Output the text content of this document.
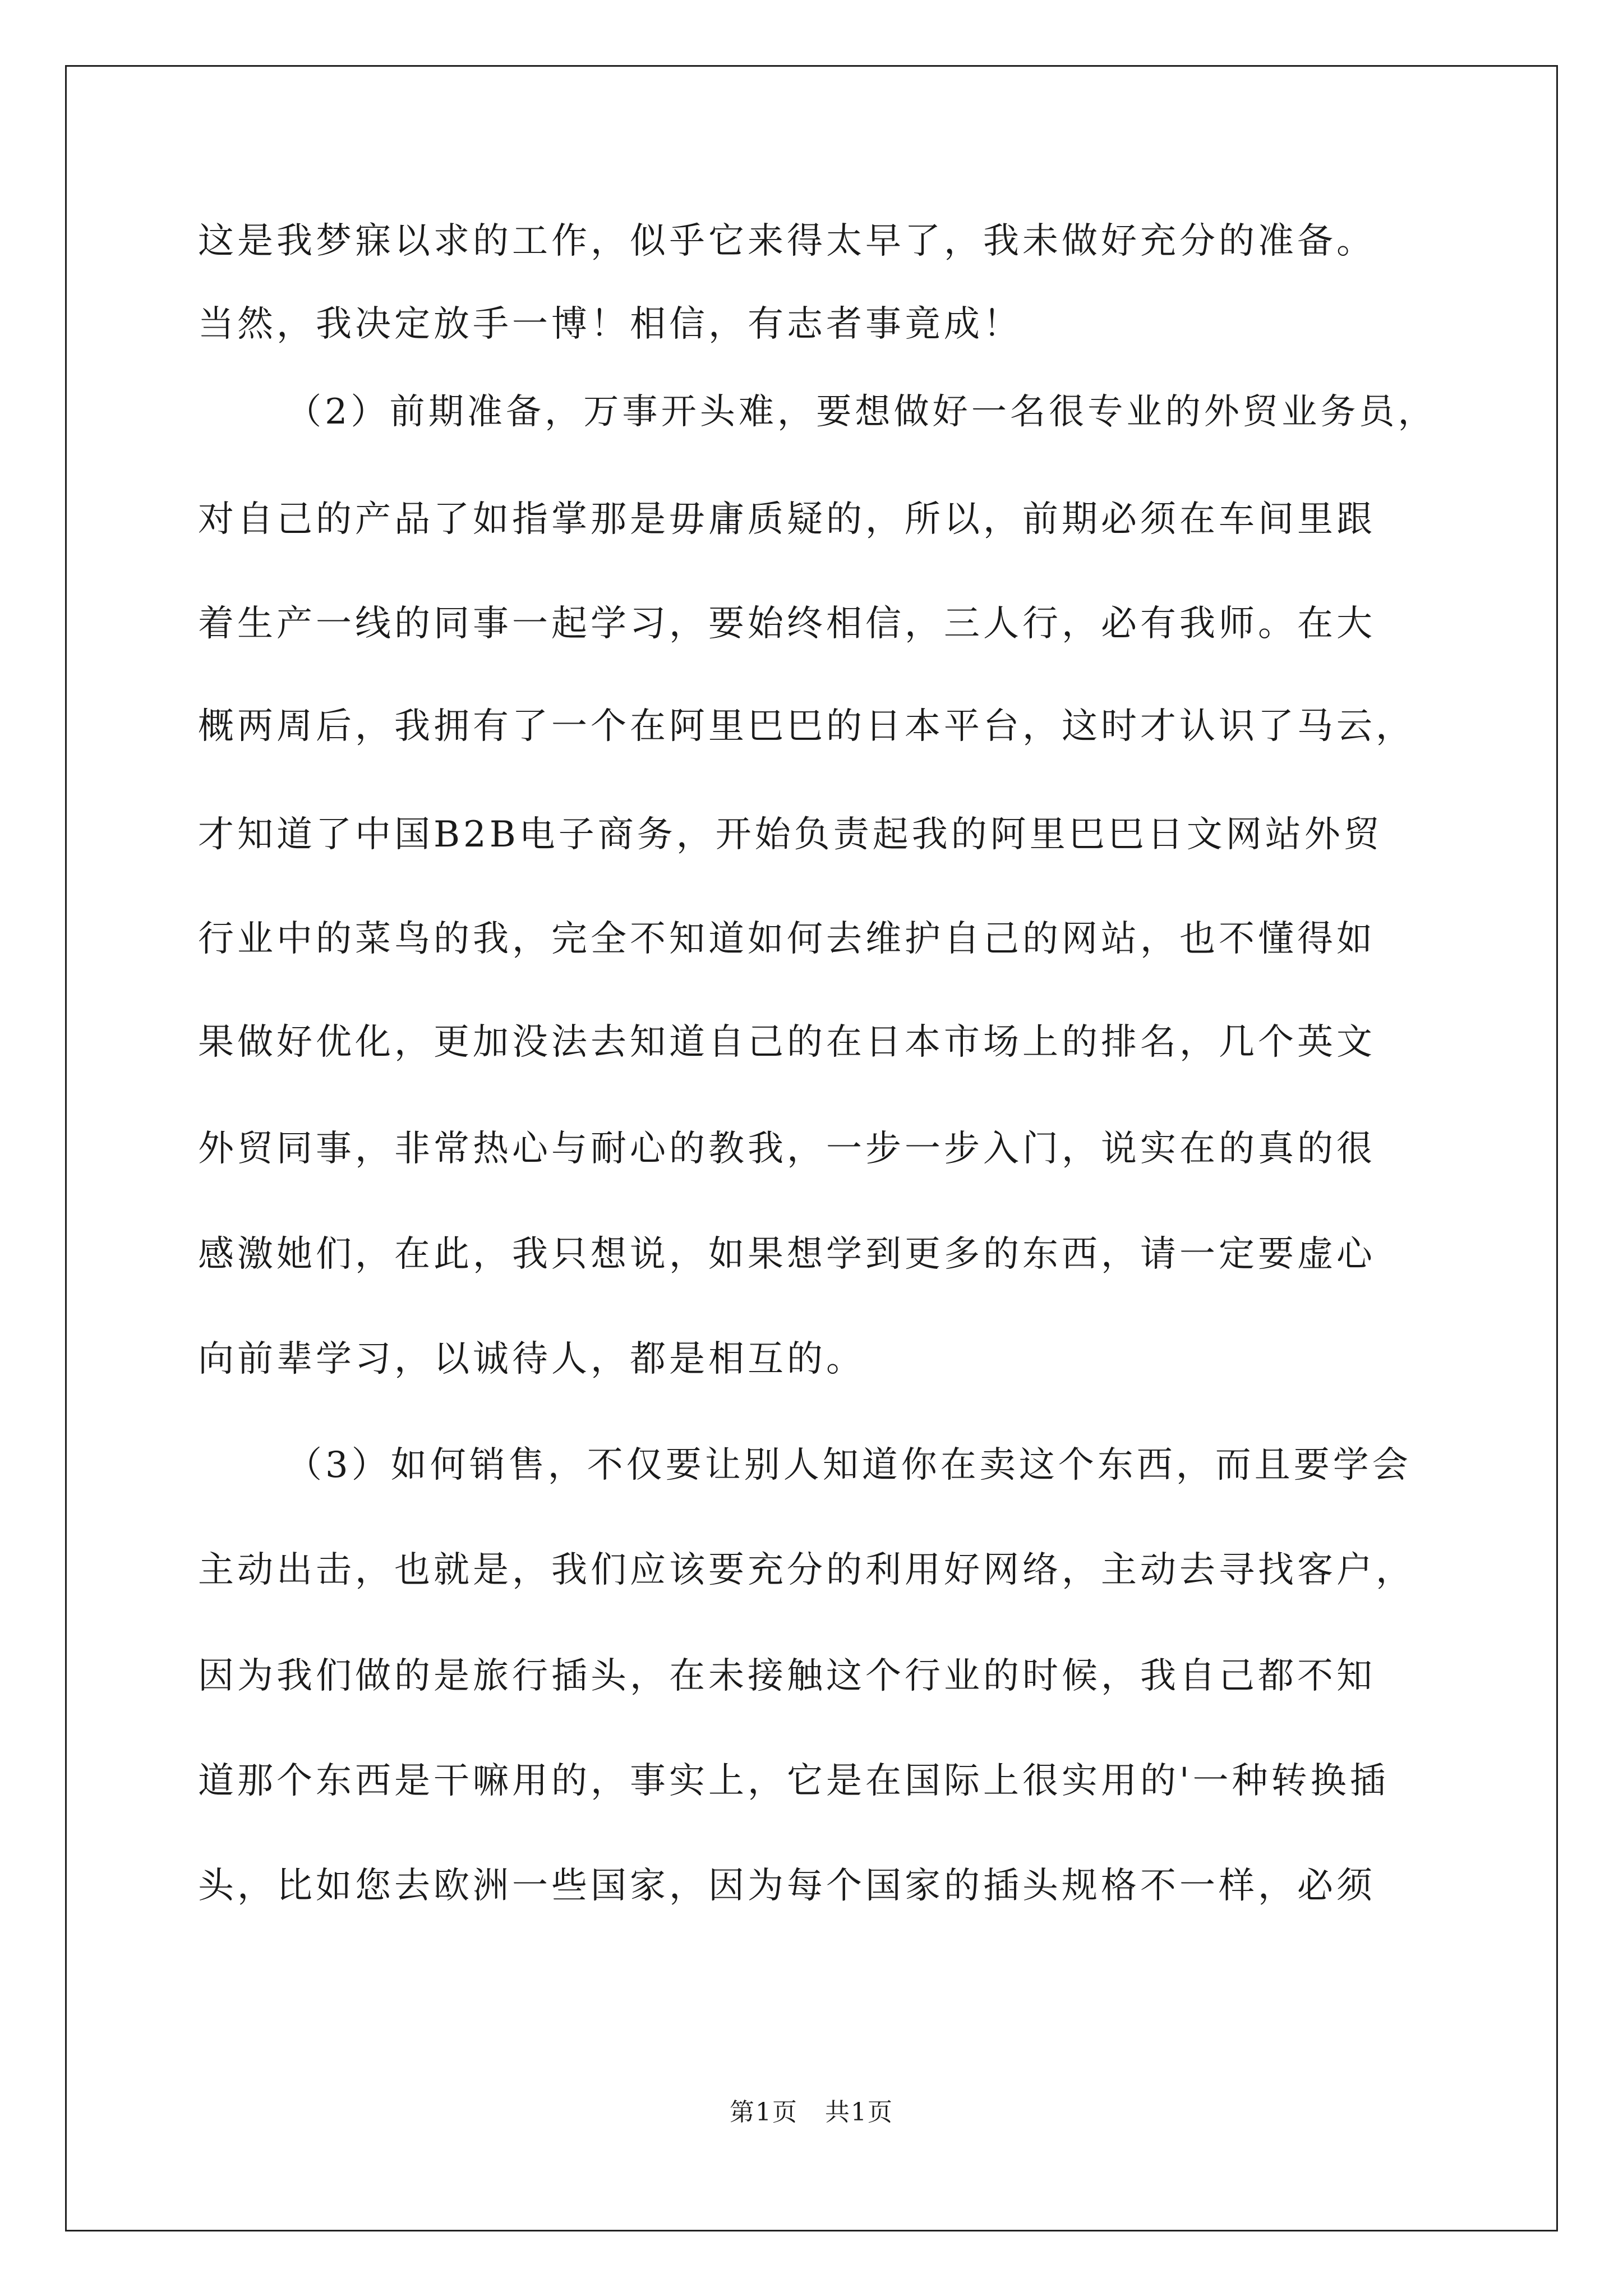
这是我梦寐以求的工作，似乎它来得太早了，我未做好充分的准备。
当然，我决定放手一博！相信，有志者事竟成！
（2）前期准备，万事开头难，要想做好一名很专业的外贸业务员，
对自己的产品了如指掌那是毋庸质疑的，所以，前期必须在车间里跟
着生产一线的同事一起学习，要始终相信，三人行，必有我师。在大
概两周后，我拥有了一个在阿里巴巴的日本平台，这时才认识了马云，
才知道了中国B2B电子商务，开始负责起我的阿里巴巴日文网站外贸
行业中的菜鸟的我，完全不知道如何去维护自己的网站，也不懂得如
果做好优化，更加没法去知道自己的在日本市场上的排名，几个英文
外贸同事，非常热心与耐心的教我，一步一步入门，说实在的真的很
感激她们，在此，我只想说，如果想学到更多的东西，请一定要虚心
向前辈学习，以诚待人，都是相互的。
（3）如何销售，不仅要让别人知道你在卖这个东西，而且要学会
主动出击，也就是，我们应该要充分的利用好网络，主动去寻找客户，
因为我们做的是旅行插头，在未接触这个行业的时候，我自己都不知
道那个东西是干嘛用的，事实上，它是在国际上很实用的'一种转换插
头，比如您去欧洲一些国家，因为每个国家的插头规格不一样，必须
第1页   共1页
